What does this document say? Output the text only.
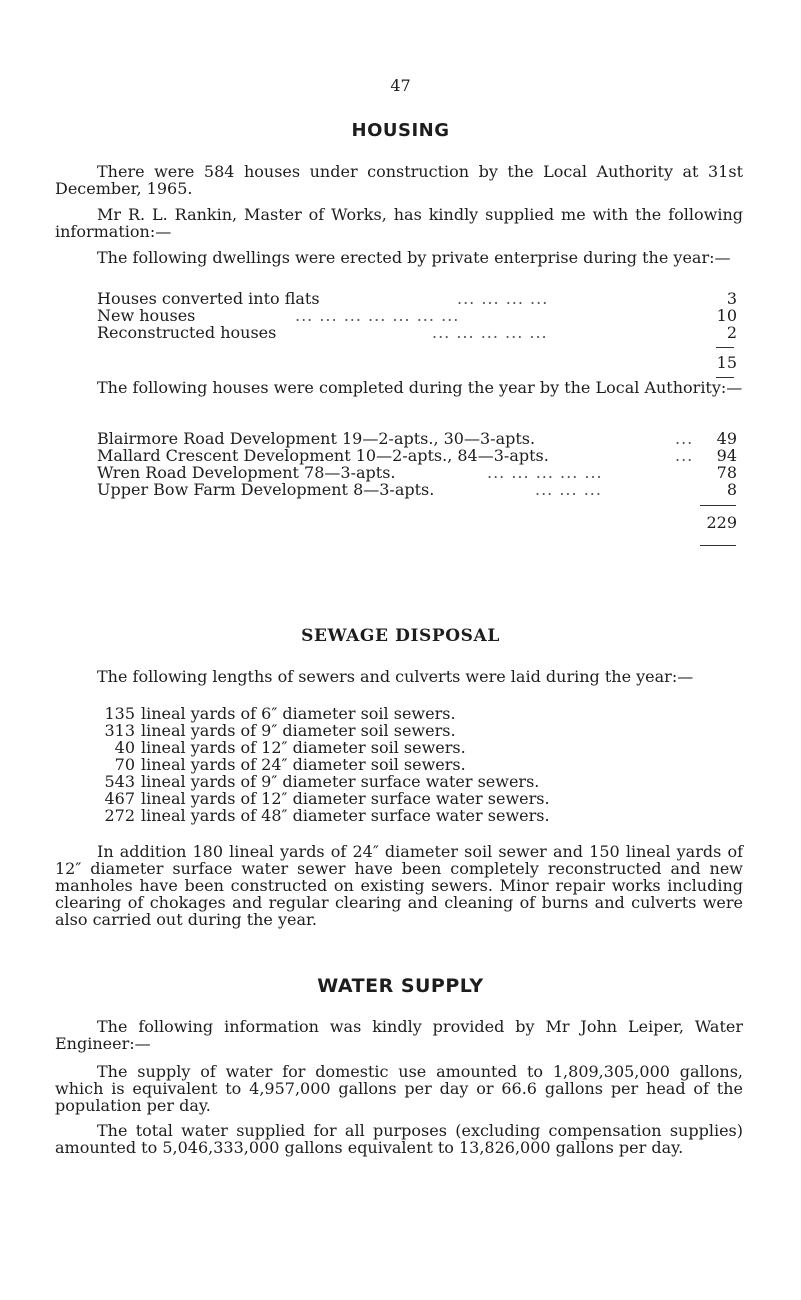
47
HOUSING

There were 584 houses under construction by the Local Authority at 31st December, 1965.

Mr R. L. Rankin, Master of Works, has kindly supplied me with the following information:—

The following dwellings were erected by private enterprise during the year:—

Houses converted into flats	... ... ... ...	3
New houses	... ... ... ... ... ... ...	10
Reconstructed houses	... ... ... ... ...	2
15

The following houses were completed during the year by the Local Authority:—

Blairmore Road Development 19—2-apts., 30—3-apts.	...	49
Mallard Crescent Development 10—2-apts., 84—3-apts.	...	94
Wren Road Development 78—3-apts.	... ... ... ... ...	78
Upper Bow Farm Development 8—3-apts.	... ... ...	8
229
SEWAGE DISPOSAL

The following lengths of sewers and culverts were laid during the year:—

135 lineal yards of 6″ diameter soil sewers.
313 lineal yards of 9″ diameter soil sewers.
40 lineal yards of 12″ diameter soil sewers.
70 lineal yards of 24″ diameter soil sewers.
543 lineal yards of 9″ diameter surface water sewers.
467 lineal yards of 12″ diameter surface water sewers.
272 lineal yards of 48″ diameter surface water sewers.

In addition 180 lineal yards of 24″ diameter soil sewer and 150 lineal yards of 12″ diameter surface water sewer have been completely reconstructed and new manholes have been constructed on existing sewers. Minor repair works including clearing of chokages and regular clearing and cleaning of burns and culverts were also carried out during the year.

WATER SUPPLY

The following information was kindly provided by Mr John Leiper, Water Engineer:—

The supply of water for domestic use amounted to 1,809,305,000 gallons, which is equivalent to 4,957,000 gallons per day or 66.6 gallons per head of the population per day.

The total water supplied for all purposes (excluding compensation supplies) amounted to 5,046,333,000 gallons equivalent to 13,826,000 gallons per day.
